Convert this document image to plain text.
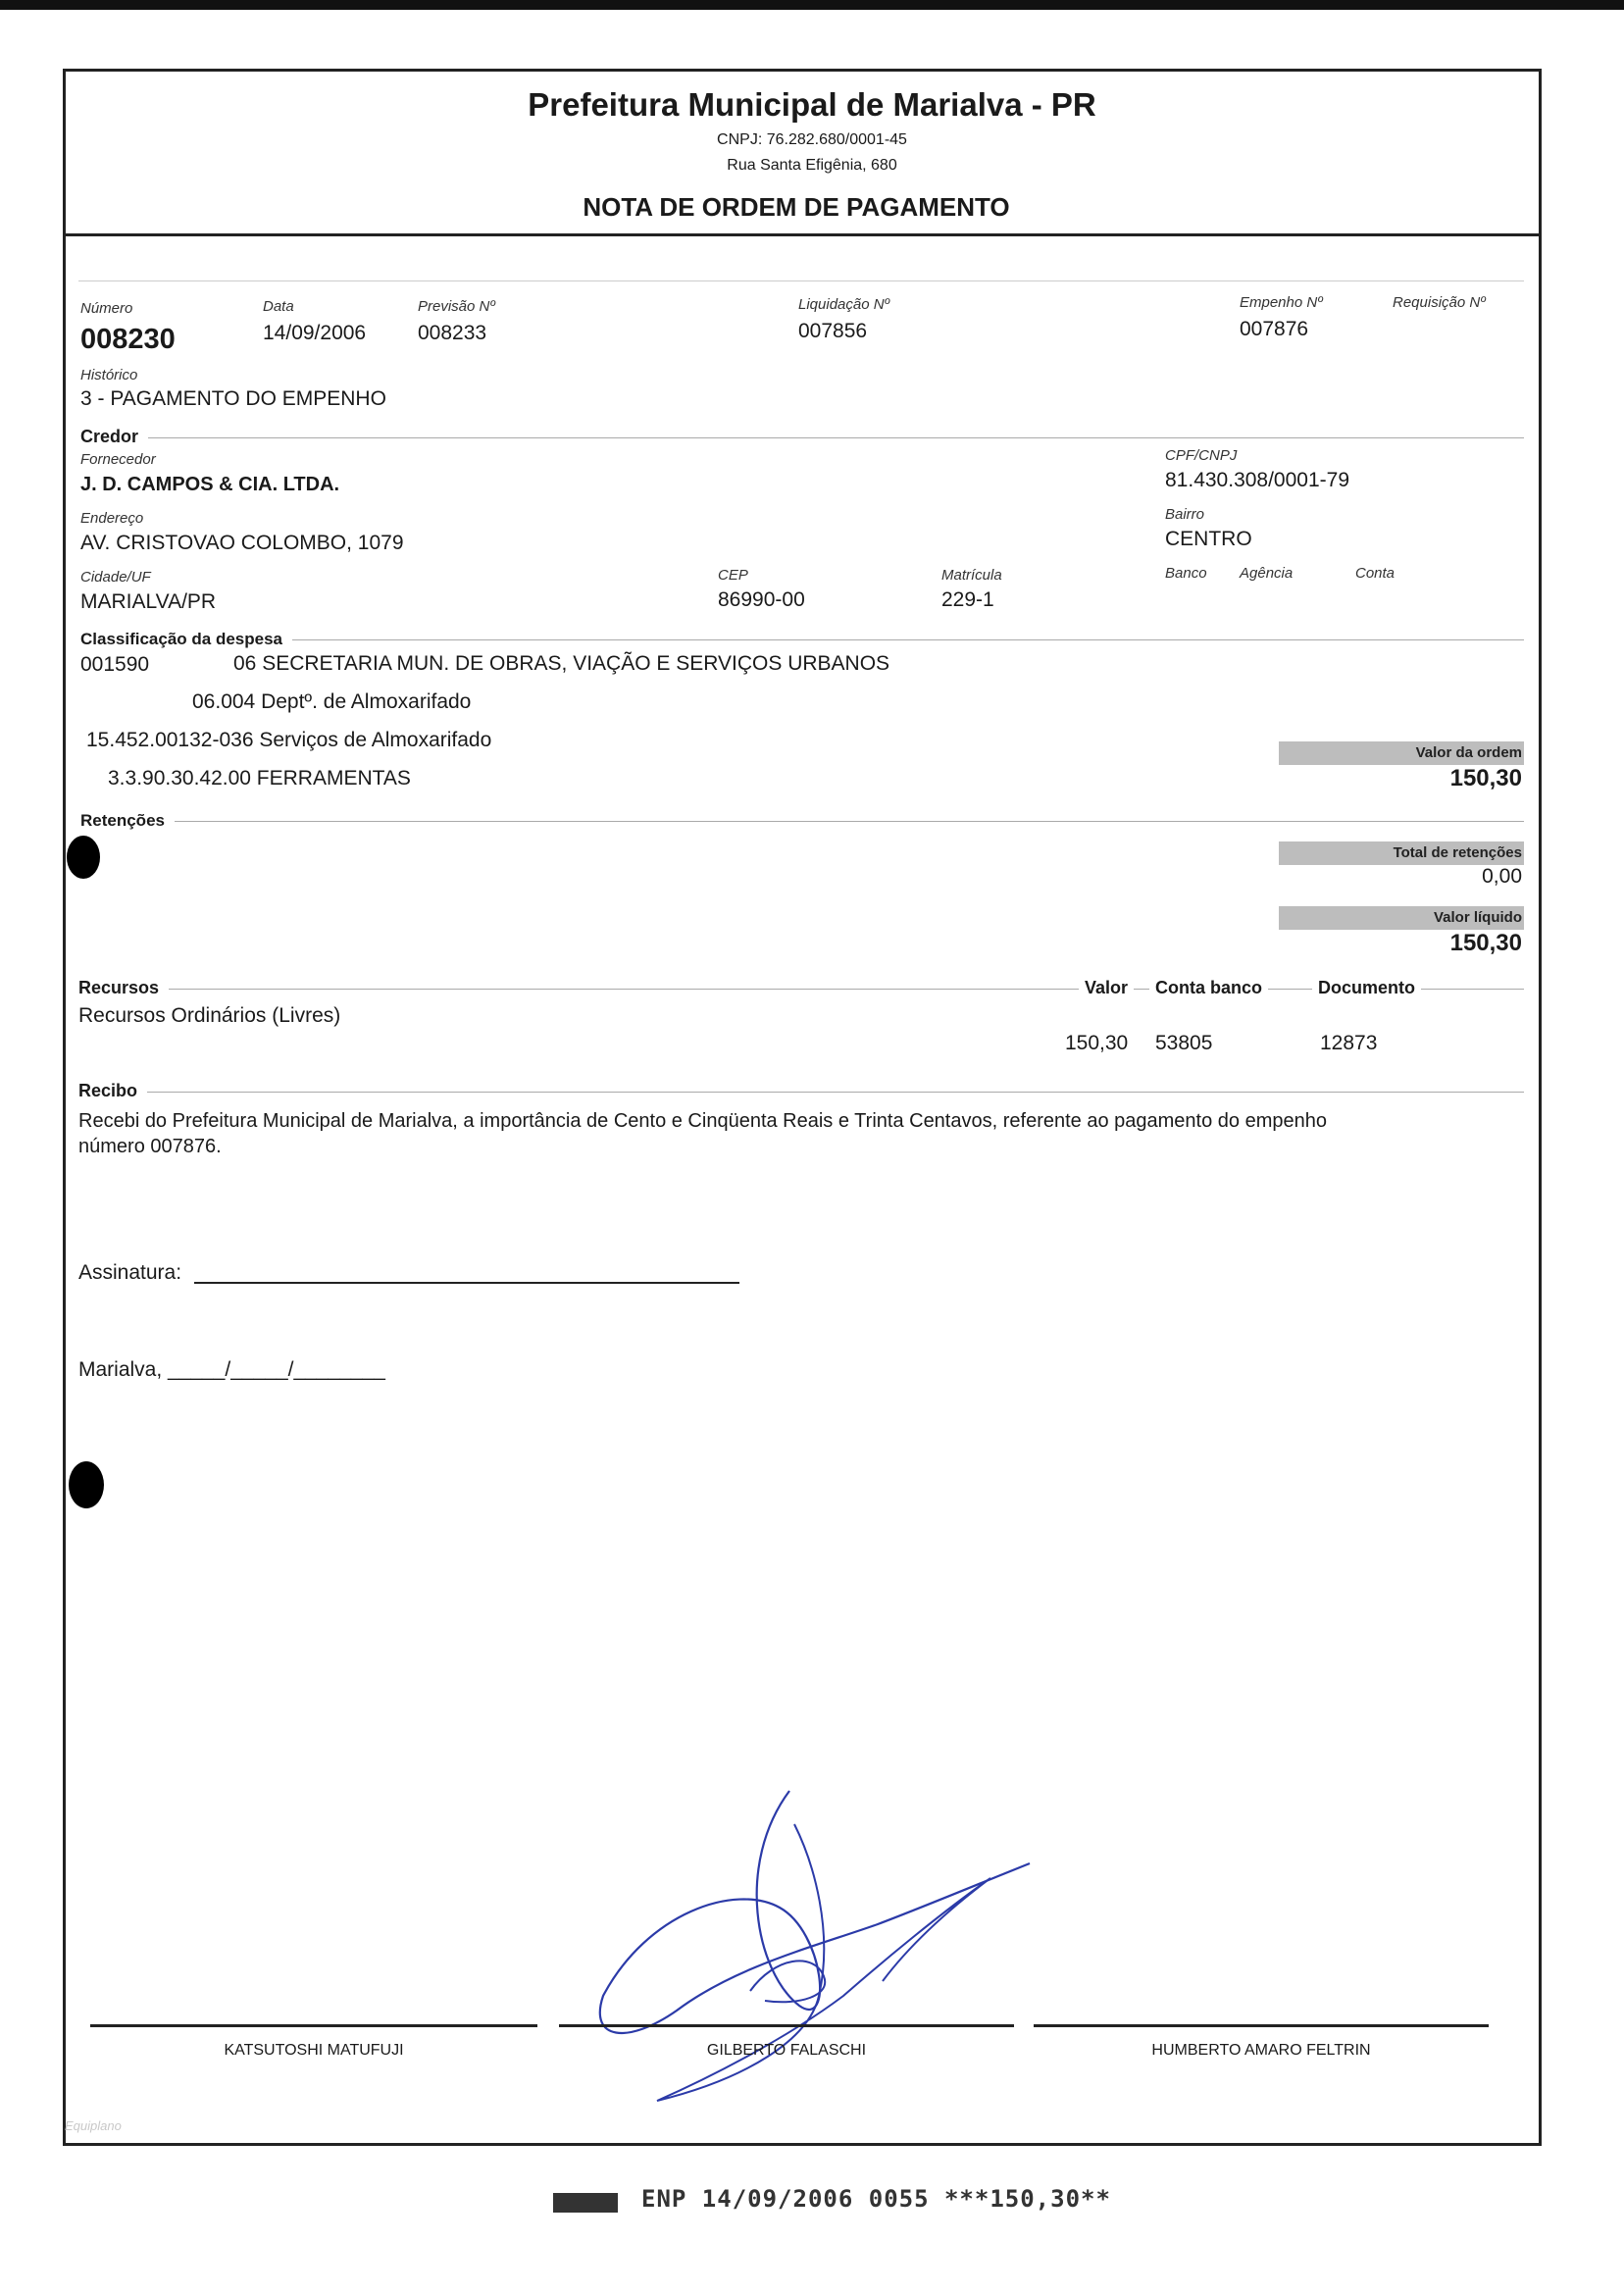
Prefeitura Municipal de Marialva - PR
CNPJ: 76.282.680/0001-45
Rua Santa Efigênia, 680
NOTA DE ORDEM DE PAGAMENTO
Número
008230
Data
14/09/2006
Previsão Nº
008233
Liquidação Nº
007856
Empenho Nº
007876
Requisição Nº
Histórico
3 - PAGAMENTO DO EMPENHO
Credor
Fornecedor
J. D. CAMPOS & CIA. LTDA.
CPF/CNPJ
81.430.308/0001-79
Endereço
AV. CRISTOVAO COLOMBO, 1079
Bairro
CENTRO
Cidade/UF
MARIALVA/PR
CEP
86990-00
Matrícula
229-1
Banco Agência	Conta
Classificação da despesa
001590	06 SECRETARIA MUN. DE OBRAS, VIAÇÃO E SERVIÇOS URBANOS
06.004 Deptº. de Almoxarifado
15.452.00132-036 Serviços de Almoxarifado
3.3.90.30.42.00 FERRAMENTAS
Valor da ordem
150,30
Retenções
Total de retenções
0,00
Valor líquido
150,30
Recursos	Valor	Conta banco	Documento
Recursos Ordinários (Livres)
150,30 53805	12873
Recibo
Recebi do Prefeitura Municipal de Marialva, a importância de Cento e Cinqüenta Reais e Trinta Centavos, referente ao pagamento do empenho
número 007876.
Assinatura:
Marialva, _____/_____/________
KATSUTOSHI MATUFUJI	GILBERTO FALASCHI	HUMBERTO AMARO FELTRIN
Equiplano
ENP 14/09/2006 0055 ***150,30**
